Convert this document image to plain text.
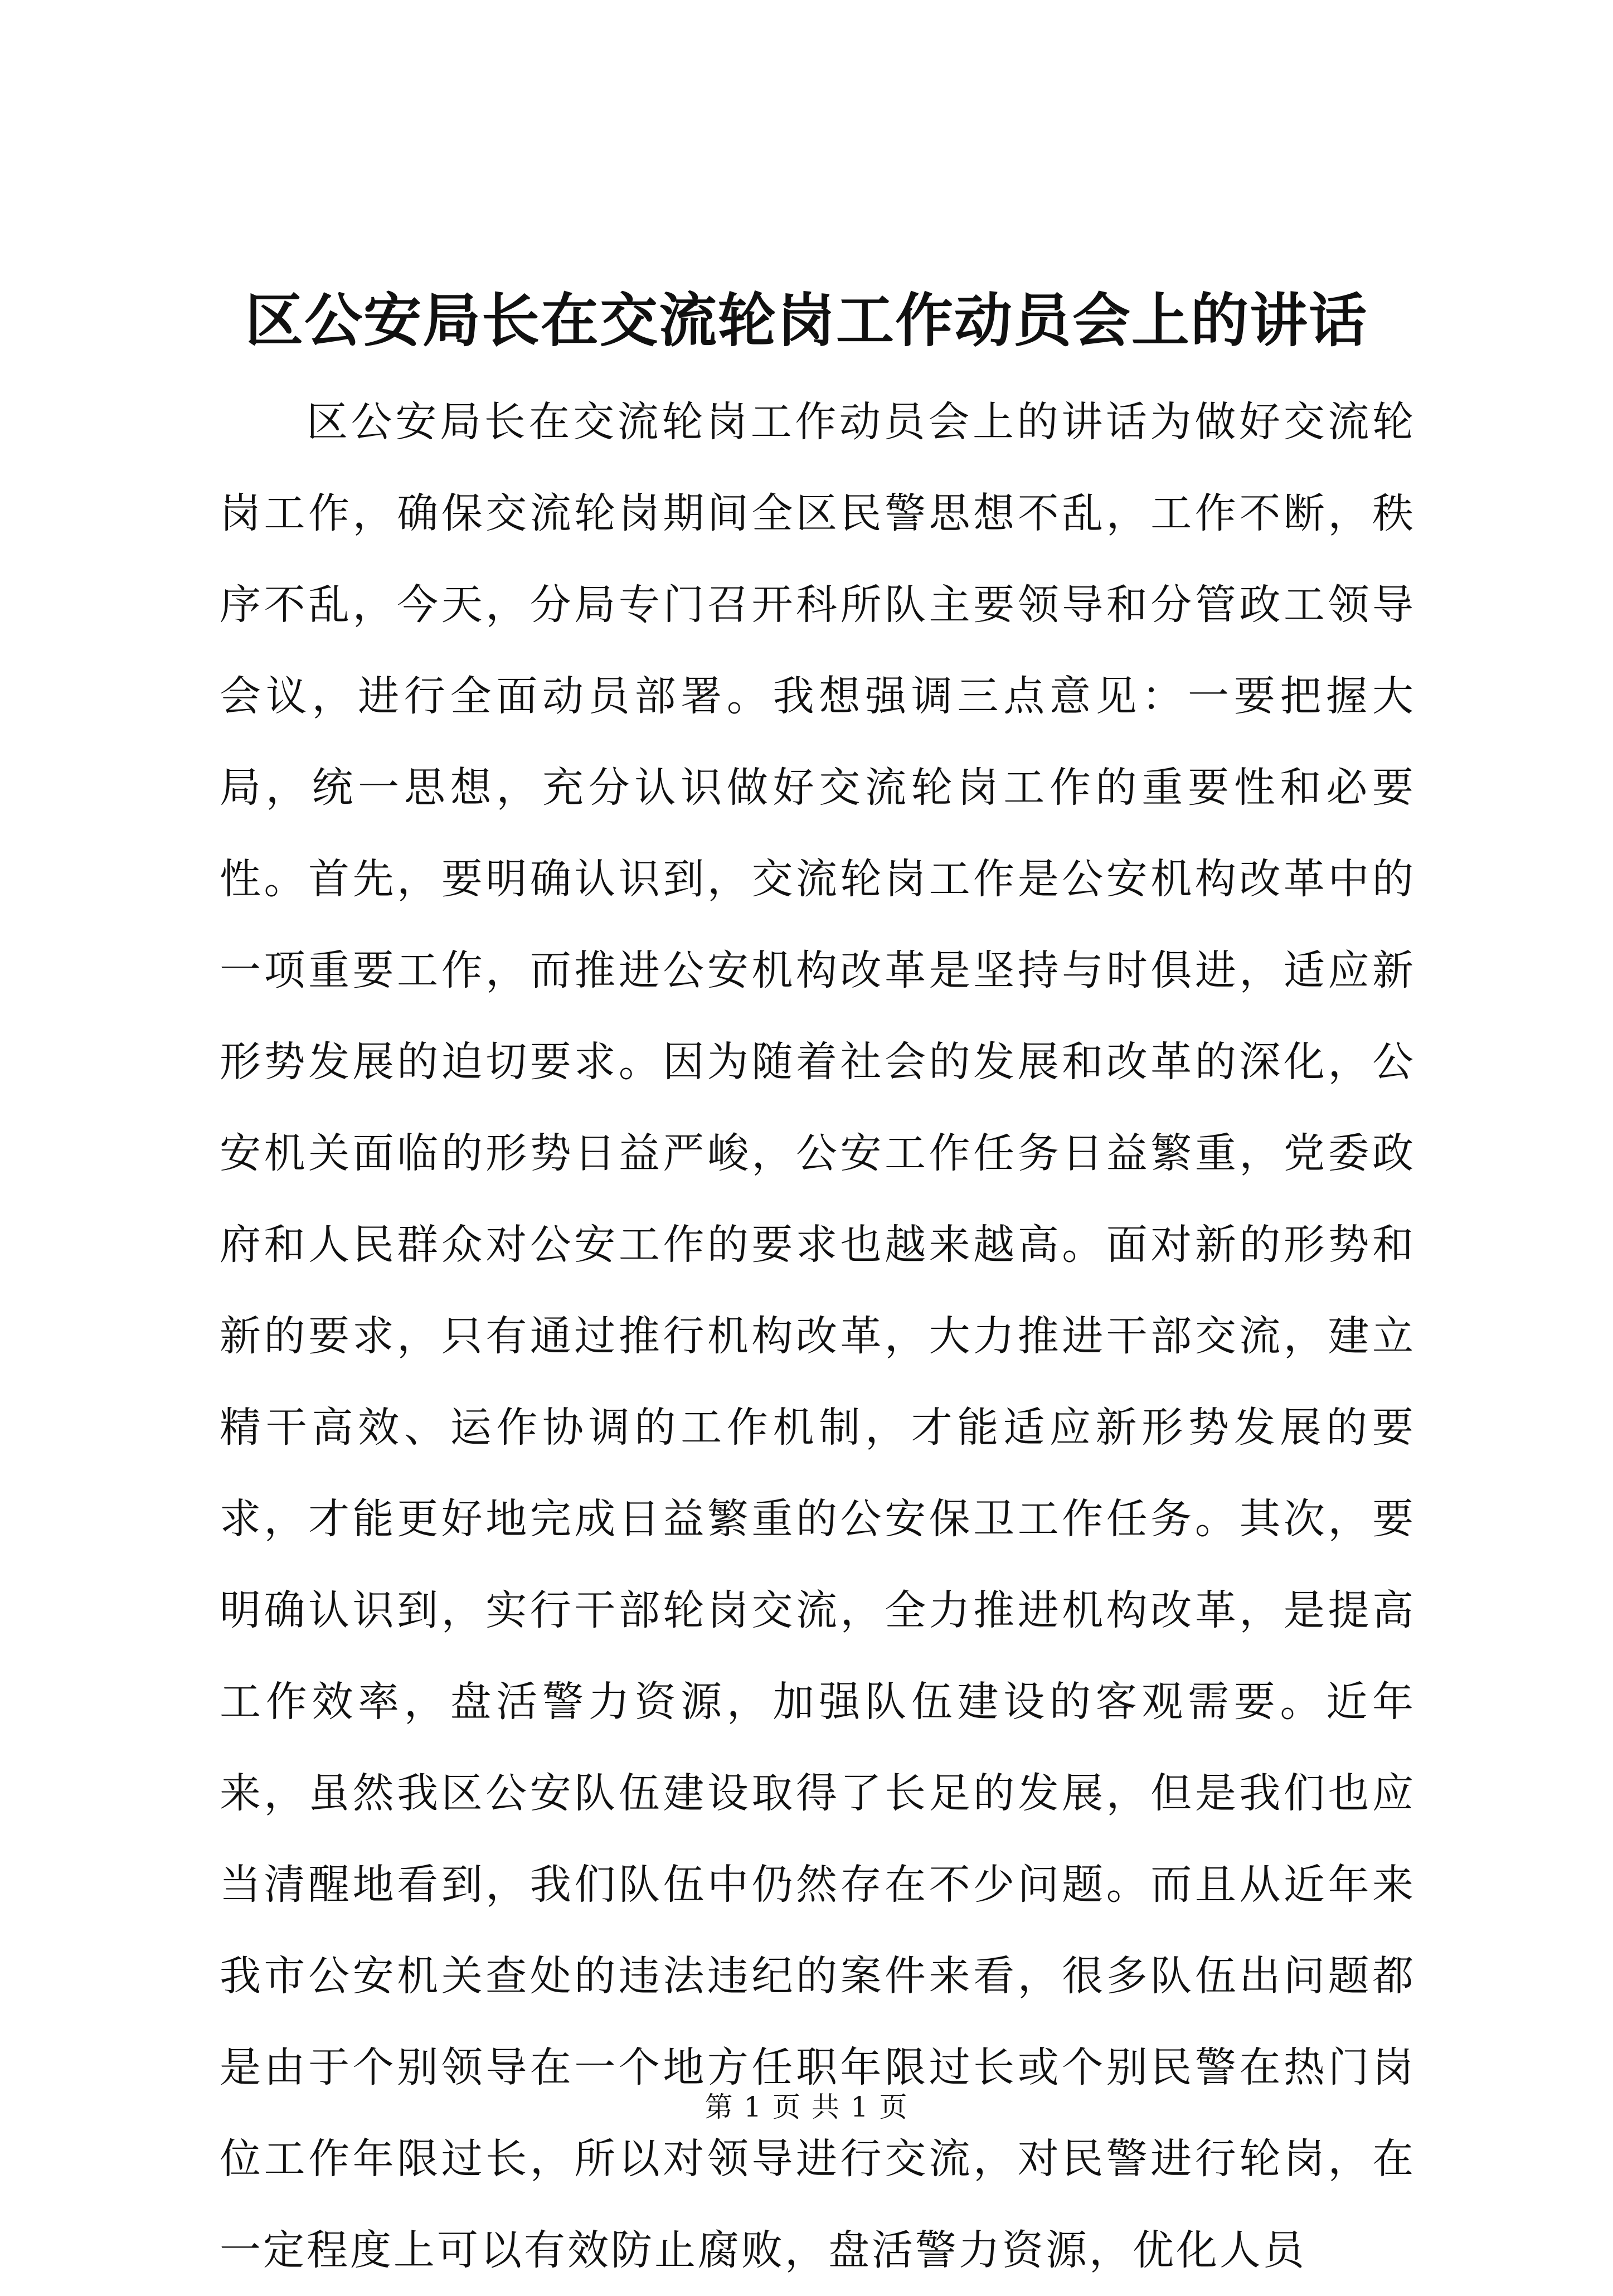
区公安局长在交流轮岗工作动员会上的讲话

区公安局长在交流轮岗工作动员会上的讲话为做好交流轮岗工作，确保交流轮岗期间全区民警思想不乱，工作不断，秩序不乱，今天，分局专门召开科所队主要领导和分管政工领导会议，进行全面动员部署。我想强调三点意见：一要把握大局，统一思想，充分认识做好交流轮岗工作的重要性和必要性。首先，要明确认识到，交流轮岗工作是公安机构改革中的一项重要工作，而推进公安机构改革是坚持与时俱进，适应新形势发展的迫切要求。因为随着社会的发展和改革的深化，公安机关面临的形势日益严峻，公安工作任务日益繁重，党委政府和人民群众对公安工作的要求也越来越高。面对新的形势和新的要求，只有通过推行机构改革，大力推进干部交流，建立精干高效、运作协调的工作机制，才能适应新形势发展的要求，才能更好地完成日益繁重的公安保卫工作任务。其次，要明确认识到，实行干部轮岗交流，全力推进机构改革，是提高工作效率，盘活警力资源，加强队伍建设的客观需要。近年来，虽然我区公安队伍建设取得了长足的发展，但是我们也应当清醒地看到，我们队伍中仍然存在不少问题。而且从近年来我市公安机关查处的违法违纪的案件来看，很多队伍出问题都是由于个别领导在一个地方任职年限过长或个别民警在热门岗位工作年限过长，所以对领导进行交流，对民警进行轮岗，在一定程度上可以有效防止腐败，盘活警力资源，优化人员

第 1 页 共 1 页
